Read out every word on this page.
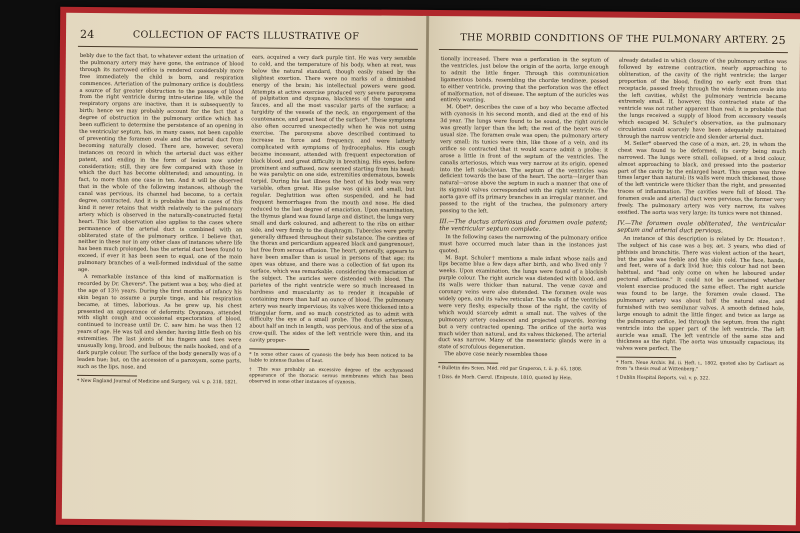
24	COLLECTION OF FACTS ILLUSTRATIVE OF

bebly due to the fact that, to whatever extent the urination of the pulmonary artery may have gone, the entrance of blood through its narrowed orifice is rendered considerably more free immediately the child is born, and respiration commences. Arteriation of the pulmonary orifice is doubtless a source of far greater obstruction to the passage of blood from the right ventricle during intra-uterine life, while the respiratory organs are inactive, than it is subsequently to birth; hence we may probably account for the fact that a degree of obstruction in the pulmonary orifice which has been sufficient to determine the persistence of an opening in the ventricular septum, has, in many cases, not been capable of preventing the foramen ovale and the arterial duct from becoming naturally closed. There are, however, several instances on record in which the arterial duct was either patent, and ending in the form of lesion now under consideration; still, they are few compared with those in which the duct has become obliterated; and amounting, in fact, to more than one case in ten. And it will be observed that in the whole of the following instances, although the canal was pervious, its channel had become, to a certain degree, contracted. And it is probable that in cases of this kind it never retains that width relatively to the pulmonary artery which is observed in the naturally-constructed fœtal heart. This last observation also applies to the cases where permanence of the arterial duct is combined with an obliterated state of the pulmonary orifice. I believe that, neither in these nor in any other class of instances where life has been much prolonged, has the arterial duct been found to exceed, if ever it has been seen to equal, one of the main pulmonary branches of a well-formed individual of the same age.

A remarkable instance of this kind of malformation is recorded by Dr. Chevers*. The patient was a boy, who died at the age of 13½ years. During the first months of infancy his skin began to assume a purple tinge, and his respiration became, at times, laborious. As he grew up, his chest presented an appearance of deformity. Dyspnœa, attended with slight cough and occasional expectoration of blood, continued to increase until Dr. C. saw him: he was then 12 years of age. He was tall and slender, having little flesh on his extremities. The last joints of his fingers and toes were unusually long, broad, and bulbous; the nails hooked, and of a dark purple colour. The surface of the body generally was of a leaden hue; but, on the accession of a paroxysm, some parts, such as the lips, nose, and

* New England Journal of Medicine and Surgery, vol. v. p. 218, 1821.

ears, acquired a very dark purple tint. He was very sensible to cold, and the temperature of his body, when at rest, was below the natural standard, though easily raised by the slightest exertion. There were no marks of a diminished energy of the brain; his intellectual powers were good. Attempts at active exercise produced very severe paroxysms of palpitation and dyspnœa, blackness of the tongue and fauces, and all the most vascular parts of the surface; a turgidity of the vessels of the neck, an engorgement of the countenance, and great heat of the surface*. These symptoms also often occurred unexpectedly when he was not using exercise. The paroxysms above described continued to increase in force and frequency, and were latterly complicated with symptoms of hydrocephalus. His cough became incessant, attended with frequent expectoration of black blood, and great difficulty in breathing. His eyes, before prominent and suffused, now seemed starting from his head; he was paralytic on one side, extremities œdematous, bowels torpid. During his last illness the heat of his body was very variable, often great. His pulse was quick and small, but regular. Deglutition was often suspended, and he had frequent hemorrhages from the mouth and nose. He died reduced to the last degree of emaciation. Upon examination, the thymus gland was found large and distinct, the lungs very small and dark coloured, and adherent to the ribs on either side, and very firmly to the diaphragm. Tubercles were pretty generally diffused throughout their substance. The cavities of the thorax and pericardium appeared black and gangrenous†, but free from serous effusion. The heart, generally, appears to have been smaller than is usual in persons of that age; its apex was obtuse, and there was a collection of fat upon its surface, which was remarkable, considering the emaciation of the subject. The auricles were distended with blood. The parietes of the right ventricle were so much increased in hardness and muscularity as to render it incapable of containing more than half an ounce of blood. The pulmonary artery was nearly impervious; its valves were thickened into a triangular form, and so much constricted as to admit with difficulty the eye of a small probe. The ductus arteriosus, about half an inch in length, was pervious, and of the size of a crow-quill. The sides of the left ventricle were thin, and its cavity proper-

* In some other cases of cyanosis the body has been noticed to be liable to intense flushes of heat.
† This was probably an excessive degree of the ecchymosed appearance of the thoracic serous membranes which has been observed in some other instances of cyanosis.
THE MORBID CONDITIONS OF THE PULMONARY ARTERY. 25

tionally increased. There was a perforation in the septum of the ventricles, just below the origin of the aorta, large enough to admit the little finger. Through this communication ligamentous bands, resembling the chordæ tendineæ, passed to either ventricle, proving that the perforation was the effect of malformation, not of disease. The septum of the auricles was entirely wanting.

M. Obet*, describes the case of a boy who became affected with cyanosis in his second month, and died at the end of his 3d year. The lungs were found to be sound, the right auricle was greatly larger than the left; the rest of the heart was of usual size. The foramen ovale was open; the pulmonary artery very small; its tunics were thin, like those of a vein, and its orifice so contracted that it would scarce admit a probe; it arose a little in front of the septum of the ventricles. The canalis arteriosus, which was very narrow at its origin, opened into the left subclavian. The septum of the ventricles was deficient towards the base of the heart. The aorta—larger than natural—arose above the septum in such a manner that one of its sigmoid valves corresponded with the right ventricle. The aorta gave off its primary branches in an irregular manner, and passed to the right of the trachea, the pulmonary artery passing to the left.

III.—The ductus arteriosus and foramen ovale patent; the ventricular septum complete.

In the following cases the narrowing of the pulmonary orifice must have occurred much later than in the instances just quoted.

M. Bapt. Schuler† mentions a male infant whose nails and lips became blue a few days after birth, and who lived only 7 weeks. Upon examination, the lungs were found of a blackish purple colour. The right auricle was distended with blood, and its walls were thicker than natural. The venæ cavæ and coronary veins were also distended. The foramen ovale was widely open, and its valve reticular. The walls of the ventricles were very fleshy, especially those of the right, the cavity of which would scarcely admit a small nut. The valves of the pulmonary artery coalesced and projected upwards, leaving but a very contracted opening. The orifice of the aorta was much wider than natural, and its valves thickened. The arterial duct was narrow. Many of the mesenteric glands were in a state of scrofulous degeneration.

The above case nearly resembles those

* Bulletin des Scien. Méd. réd par Graperon, t. ii. p. 65, 1808.
† Diss. de Morb. Cærul. (Enipeute, 1810, quoted by Hein.

already detailed in which closure of the pulmonary orifice was followed by extreme contraction, nearly approaching to obliteration, of the cavity of the right ventricle; the larger proportion of the blood, finding no early exit from that receptacle, passed freely through the wide foramen ovale into the left cavities, whilst the pulmonary ventricle became extremely small. If, however, this contracted state of the ventricle was not rather apparent than real, it is probable that the lungs received a supply of blood from accessory vessels which escaped M. Schuler's observation, as the pulmonary circulation could scarcely have been adequately maintained through the narrow ventricle and slender arterial duct.

M. Seiler* observed the case of a man, æt. 29, in whom the chest was found to be deformed, its cavity being much narrowed. The lungs were small, collapsed, of a livid colour, almost approaching to black, and pressed into the posterior part of the cavity by the enlarged heart. This organ was three times larger than natural; its walls were much thickened, those of the left ventricle were thicker than the right, and presented traces of inflammation. The cavities were full of blood. The foramen ovale and arterial duct were pervious, the former very freely. The pulmonary artery was very narrow, its valves ossified. The aorta was very large; its tunics were not thinned.

IV.—The foramen ovale obliterated, the ventricular septum and arterial duct pervious.

An instance of this description is related by Dr. Houston†. The subject of his case was a boy, æt. 3 years, who died of phthisis and bronchitis. There was violent action of the heart, but the pulse was feeble and the skin cold. The face, hands, and feet, were of a dark livid hue; this colour had not been habitual, and "had only come on when he laboured under pectoral affections." It could not be ascertained whether violent exercise produced the same effect. The right auricle was found to be large, the foramen ovale closed. The pulmonary artery was about half the natural size, and furnished with two semilunar valves. A smooth defined hole, large enough to admit the little finger, and twice as large as the pulmonary orifice, led through the septum, from the right ventricle into the upper part of the left ventricle. The left auricle was small. The left ventricle of the same size and thickness as the right. The aorta was unusually capacious; its valves were perfect. The

* Horn. Neue Archiv. Bd. ii. Heft. i., 1802, quoted also by Carlisart as from "a thesis read at Wittenberg."
† Dublin Hospital Reports, vol. v. p. 322.
